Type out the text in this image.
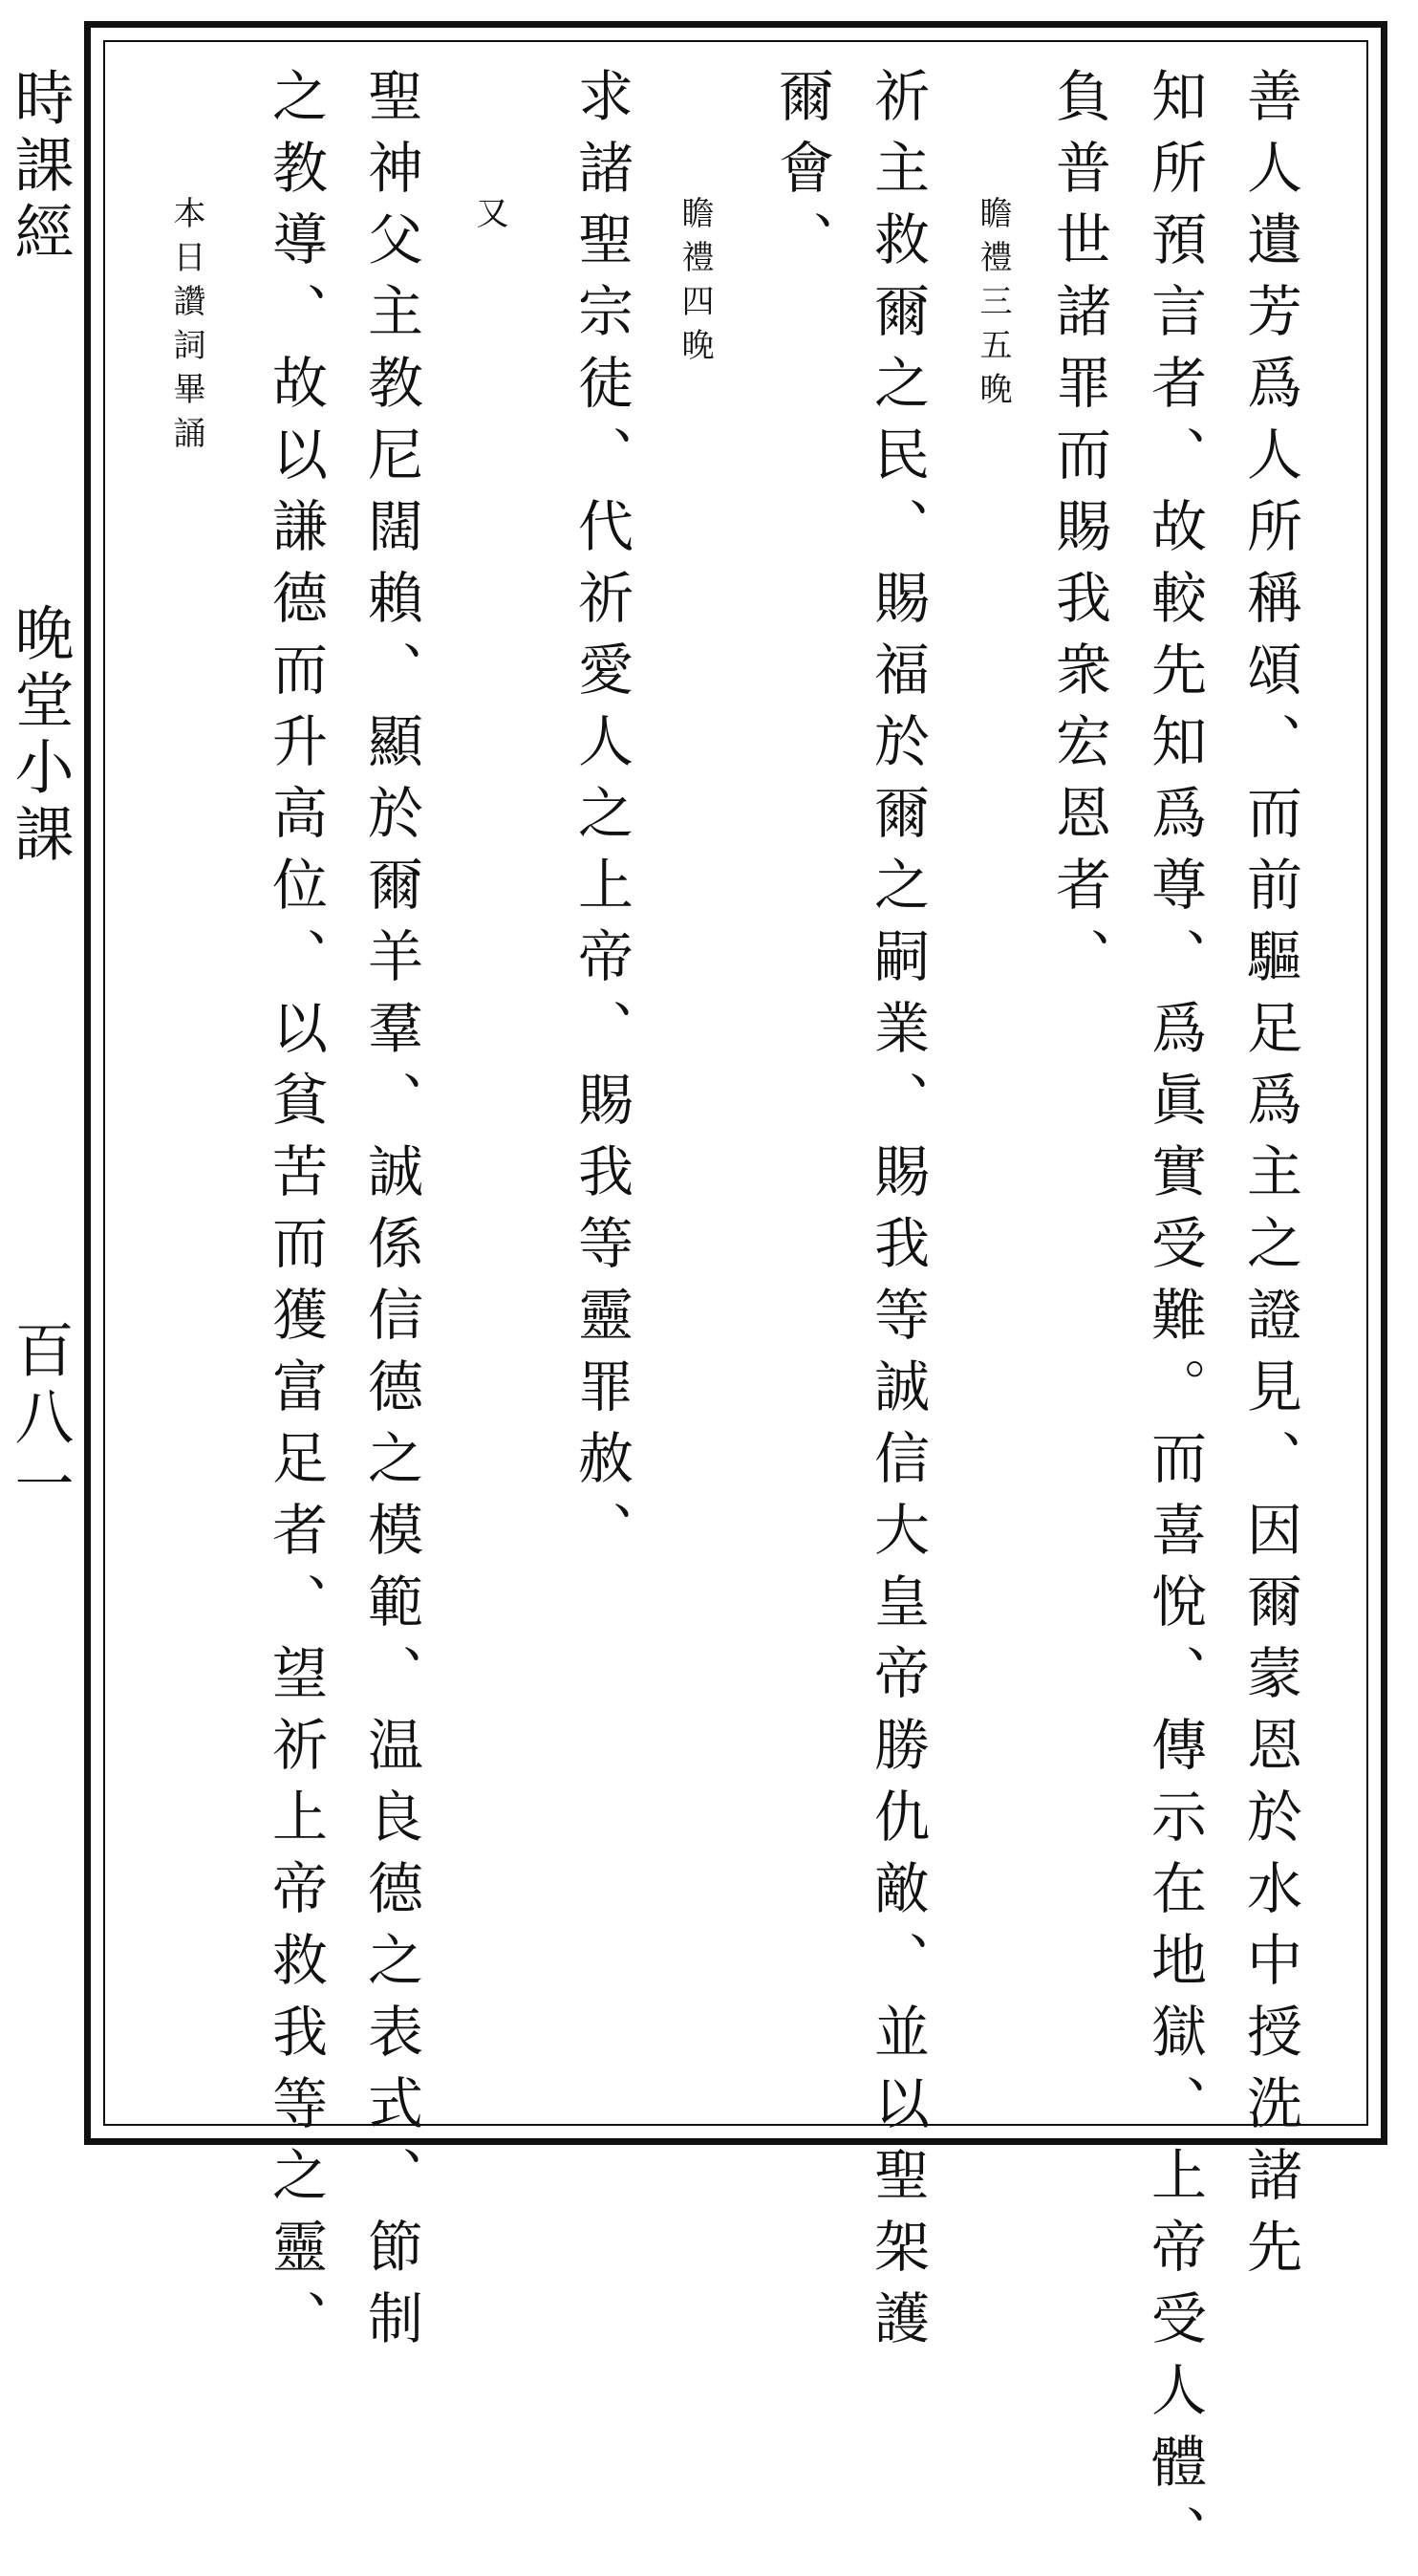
時課經
晚堂小課
百八一	善人遺芳爲人所稱頌、而前驅足爲主之證見、因爾蒙恩於水中授洗諸先
知所預言者、故較先知爲尊、爲眞實受難。而喜悅、傳示在地獄、上帝受人體、
負普世諸罪而賜我衆宏恩者、
瞻禮三五晚
祈主救爾之民、賜福於爾之嗣業、賜我等誠信大皇帝勝仇敵、並以聖架護
爾會、
瞻禮四晚
求諸聖宗徒、代祈愛人之上帝、賜我等靈罪赦、
又
聖神父主教尼闊賴、顯於爾羊羣、誠係信德之模範、温良德之表式、節制
之教導、故以謙德而升高位、以貧苦而獲富足者、望祈上帝救我等之靈、
本日讚詞畢誦
